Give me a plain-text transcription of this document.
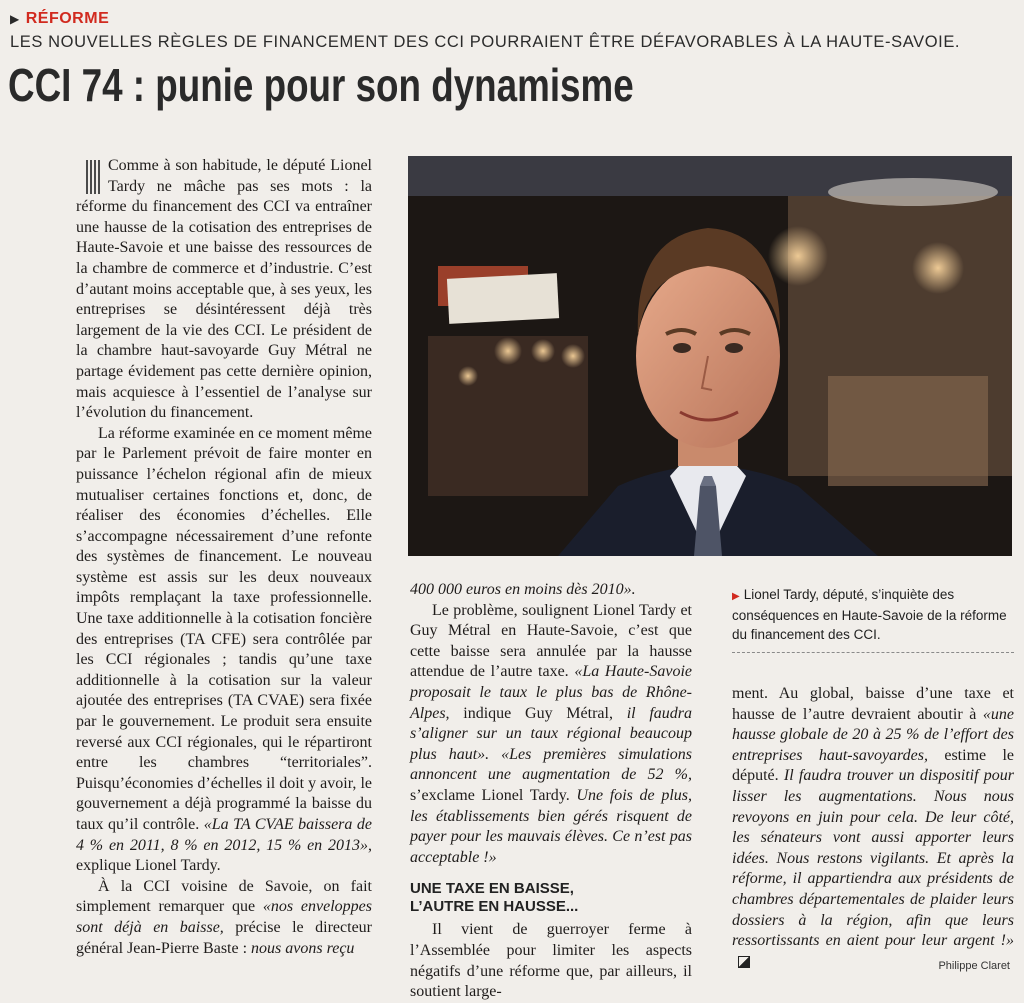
▶ RÉFORME
LES NOUVELLES RÈGLES DE FINANCEMENT DES CCI POURRAIENT ÊTRE DÉFAVORABLES À LA HAUTE-SAVOIE.
CCI 74 : punie pour son dynamisme

Comme à son habitude, le député Lionel Tardy ne mâche pas ses mots : la réforme du financement des CCI va entraîner une hausse de la cotisation des entreprises de Haute-Savoie et une baisse des ressources de la chambre de commerce et d’industrie. C’est d’autant moins acceptable que, à ses yeux, les entreprises se désintéressent déjà très largement de la vie des CCI. Le président de la chambre haut-savoyarde Guy Métral ne partage évidement pas cette dernière opinion, mais acquiesce à l’essentiel de l’analyse sur l’évolution du financement.

La réforme examinée en ce moment même par le Parlement prévoit de faire monter en puissance l’échelon régional afin de mieux mutualiser certaines fonctions et, donc, de réaliser des économies d’échelles. Elle s’accompagne nécessairement d’une refonte des systèmes de financement. Le nouveau système est assis sur les deux nouveaux impôts remplaçant la taxe professionnelle. Une taxe additionnelle à la cotisation foncière des entreprises (TA CFE) sera contrôlée par les CCI régionales ; tandis qu’une taxe additionnelle à la cotisation sur la valeur ajoutée des entreprises (TA CVAE) sera fixée par le gouvernement. Le produit sera ensuite reversé aux CCI régionales, qui le répartiront entre les chambres “territoriales”. Puisqu’économies d’échelles il doit y avoir, le gouvernement a déjà programmé la baisse du taux qu’il contrôle. «La TA CVAE baissera de 4 % en 2011, 8 % en 2012, 15 % en 2013», explique Lionel Tardy.

À la CCI voisine de Savoie, on fait simplement remarquer que «nos enveloppes sont déjà en baisse, précise le directeur général Jean-Pierre Baste : nous avons reçu

▶ Lionel Tardy, député, s’inquiète des conséquences en Haute-Savoie de la réforme du financement des CCI.

400 000 euros en moins dès 2010».

Le problème, soulignent Lionel Tardy et Guy Métral en Haute-Savoie, c’est que cette baisse sera annulée par la hausse attendue de l’autre taxe. «La Haute-Savoie proposait le taux le plus bas de Rhône-Alpes, indique Guy Métral, il faudra s’aligner sur un taux régional beaucoup plus haut». «Les premières simulations annoncent une augmentation de 52 %, s’exclame Lionel Tardy. Une fois de plus, les établissements bien gérés risquent de payer pour les mauvais élèves. Ce n’est pas acceptable !»

UNE TAXE EN BAISSE,
L’AUTRE EN HAUSSE...

Il vient de guerroyer ferme à l’Assemblée pour limiter les aspects négatifs d’une réforme que, par ailleurs, il soutient large-

ment. Au global, baisse d’une taxe et hausse de l’autre devraient aboutir à «une hausse globale de 20 à 25 % de l’effort des entreprises haut-savoyardes, estime le député. Il faudra trouver un dispositif pour lisser les augmentations. Nous nous revoyons en juin pour cela. De leur côté, les sénateurs vont aussi apporter leurs idées. Nous restons vigilants. Et après la réforme, il appartiendra aux présidents de chambres départementales de plaider leurs dossiers à la région, afin que leurs ressortissants en aient pour leur argent !»

Philippe Claret
